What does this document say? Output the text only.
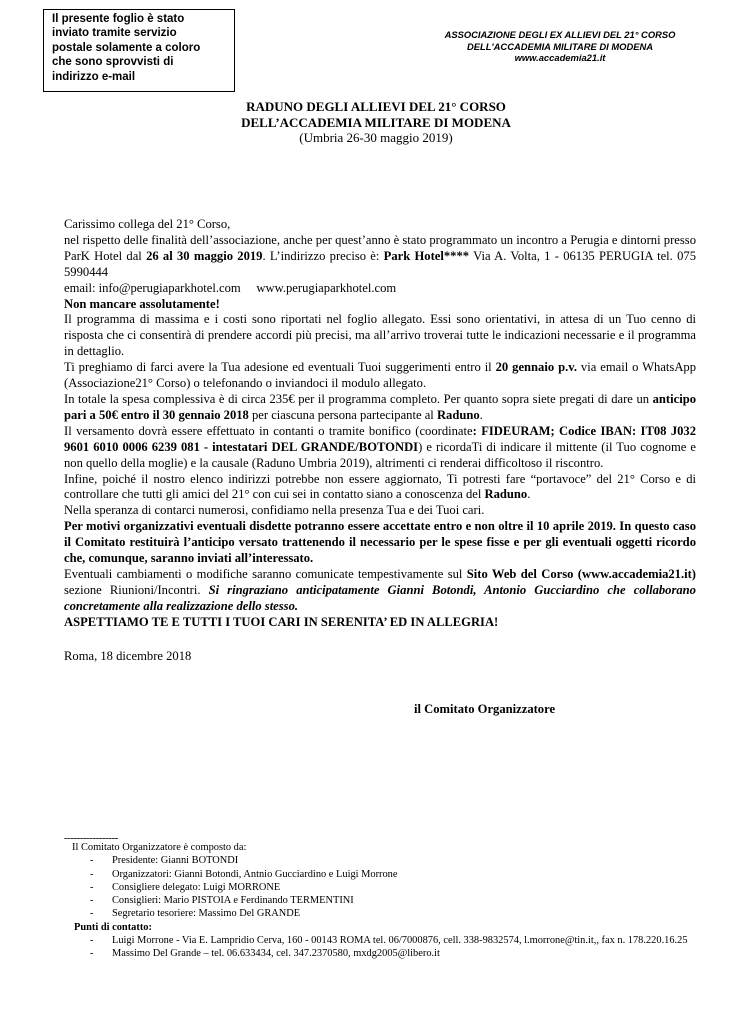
Il presente foglio è stato
inviato tramite servizio
postale solamente a coloro
che sono sprovvisti di
indirizzo e-mail
ASSOCIAZIONE DEGLI EX ALLIEVI DEL 21° CORSO
DELL'ACCADEMIA MILITARE DI MODENA
www.accademia21.it
RADUNO DEGLI ALLIEVI DEL 21° CORSO
DELL’ACCADEMIA MILITARE DI MODENA
(Umbria 26-30 maggio 2019)

Carissimo collega del 21° Corso,

nel rispetto delle finalità dell’associazione, anche per quest’anno è stato programmato un incontro a Perugia e dintorni presso ParK Hotel dal 26 al 30 maggio 2019. L’indirizzo preciso è: Park Hotel**** Via A. Volta, 1 - 06135 PERUGIA tel. 075 5990444

email: info@perugiaparkhotel.com     www.perugiaparkhotel.com

Non mancare assolutamente!

Il programma di massima e i costi sono riportati nel foglio allegato. Essi sono orientativi, in attesa di un Tuo cenno di risposta che ci consentirà di prendere accordi più precisi, ma all’arrivo troverai tutte le indicazioni necessarie e il programma in dettaglio.

Ti preghiamo di farci avere la Tua adesione ed eventuali Tuoi suggerimenti entro il 20 gennaio p.v. via email o WhatsApp (Associazione21° Corso) o telefonando o inviandoci il modulo allegato.

In totale la spesa complessiva è di circa 235€ per il programma completo. Per quanto sopra siete pregati di dare un anticipo pari a 50€ entro il 30 gennaio 2018 per ciascuna persona partecipante al Raduno.

Il versamento dovrà essere effettuato in contanti o tramite bonifico (coordinate: FIDEURAM; Codice IBAN: IT08 J032 9601 6010 0006 6239 081 - intestatari DEL GRANDE/BOTONDI) e ricordaTi di indicare il mittente (il Tuo cognome e non quello della moglie) e la causale (Raduno Umbria 2019), altrimenti ci renderai difficoltoso il riscontro.

Infine, poiché il nostro elenco indirizzi potrebbe non essere aggiornato, Ti potresti fare “portavoce” del 21° Corso e di controllare che tutti gli amici del 21° con cui sei in contatto siano a conoscenza del Raduno.

Nella speranza di contarci numerosi, confidiamo nella presenza Tua e dei Tuoi cari.

Per motivi organizzativi eventuali disdette potranno essere accettate entro e non oltre il 10 aprile 2019. In questo caso il Comitato restituirà l’anticipo versato trattenendo il necessario per le spese fisse e per gli eventuali oggetti ricordo che, comunque, saranno inviati all’interessato.

Eventuali cambiamenti o modifiche saranno comunicate tempestivamente sul Sito Web del Corso (www.accademia21.it) sezione Riunioni/Incontri. Si ringraziano anticipatamente Gianni Botondi, Antonio Gucciardino che collaborano concretamente alla realizzazione dello stesso.

ASPETTIAMO TE E TUTTI I TUOI CARI IN SERENITA’ ED IN ALLEGRIA!

Roma, 18 dicembre 2018

il Comitato Organizzatore
-----------------
Il Comitato Organizzatore è composto da:
- Presidente: Gianni BOTONDI
- Organizzatori: Gianni Botondi, Antnio Gucciardino e Luigi Morrone
- Consigliere delegato: Luigi MORRONE
- Consiglieri: Mario PISTOIA e Ferdinando TERMENTINI
- Segretario tesoriere: Massimo Del GRANDE
Punti di contatto:
- Luigi Morrone - Via E. Lampridio Cerva, 160 - 00143 ROMA tel. 06/7000876, cell. 338-9832574, l.morrone@tin.it,, fax n. 178.220.16.25
- Massimo Del Grande – tel. 06.633434, cel. 347.2370580, mxdg2005@libero.it
